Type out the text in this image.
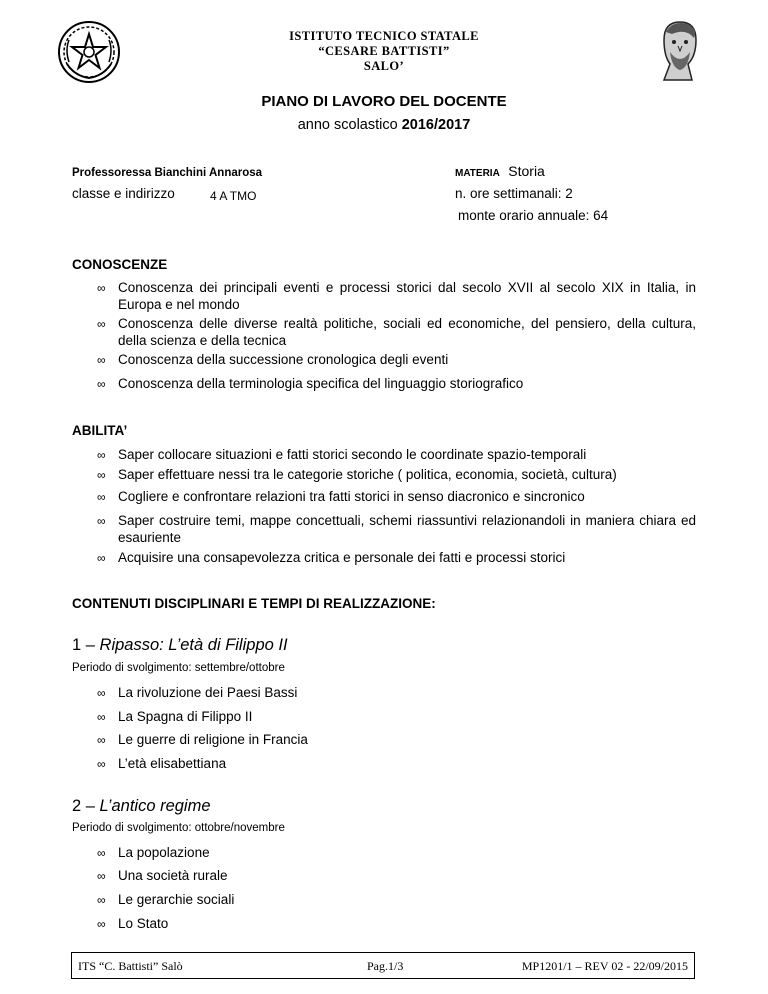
ISTITUTO TECNICO STATALE
“CESARE BATTISTI”
SALO’
PIANO DI LAVORO DEL DOCENTE
anno scolastico 2016/2017
Professoressa Bianchini Annarosa	MATERIA Storia
classe e indirizzo	4 A TMO	n. ore settimanali: 2
monte orario annuale: 64
CONOSCENZE
∞ Conoscenza dei principali eventi e processi storici dal secolo XVII al secolo XIX in Italia, in Europa e nel mondo
∞ Conoscenza delle diverse realtà politiche, sociali ed economiche, del pensiero, della cultura, della scienza e della tecnica
∞ Conoscenza della successione cronologica degli eventi
∞ Conoscenza della terminologia specifica del linguaggio storiografico
ABILITA’
∞ Saper collocare situazioni e fatti storici secondo le coordinate spazio-temporali
∞ Saper effettuare nessi tra le categorie storiche ( politica, economia, società, cultura)
∞ Cogliere e confrontare relazioni tra fatti storici in senso diacronico e sincronico
∞ Saper costruire temi, mappe concettuali, schemi riassuntivi relazionandoli in maniera chiara ed esauriente
∞ Acquisire una consapevolezza critica e personale dei fatti e processi storici
CONTENUTI DISCIPLINARI E TEMPI DI REALIZZAZIONE:
1 – Ripasso: L’età di Filippo II
Periodo di svolgimento: settembre/ottobre
∞ La rivoluzione dei Paesi Bassi
∞ La Spagna di Filippo II
∞ Le guerre di religione in Francia
∞ L’età elisabettiana
2 – L’antico regime
Periodo di svolgimento: ottobre/novembre
∞ La popolazione
∞ Una società rurale
∞ Le gerarchie sociali
∞ Lo Stato
ITS “C. Battisti” Salò	Pag.1/3	MP1201/1 – REV 02 - 22/09/2015
